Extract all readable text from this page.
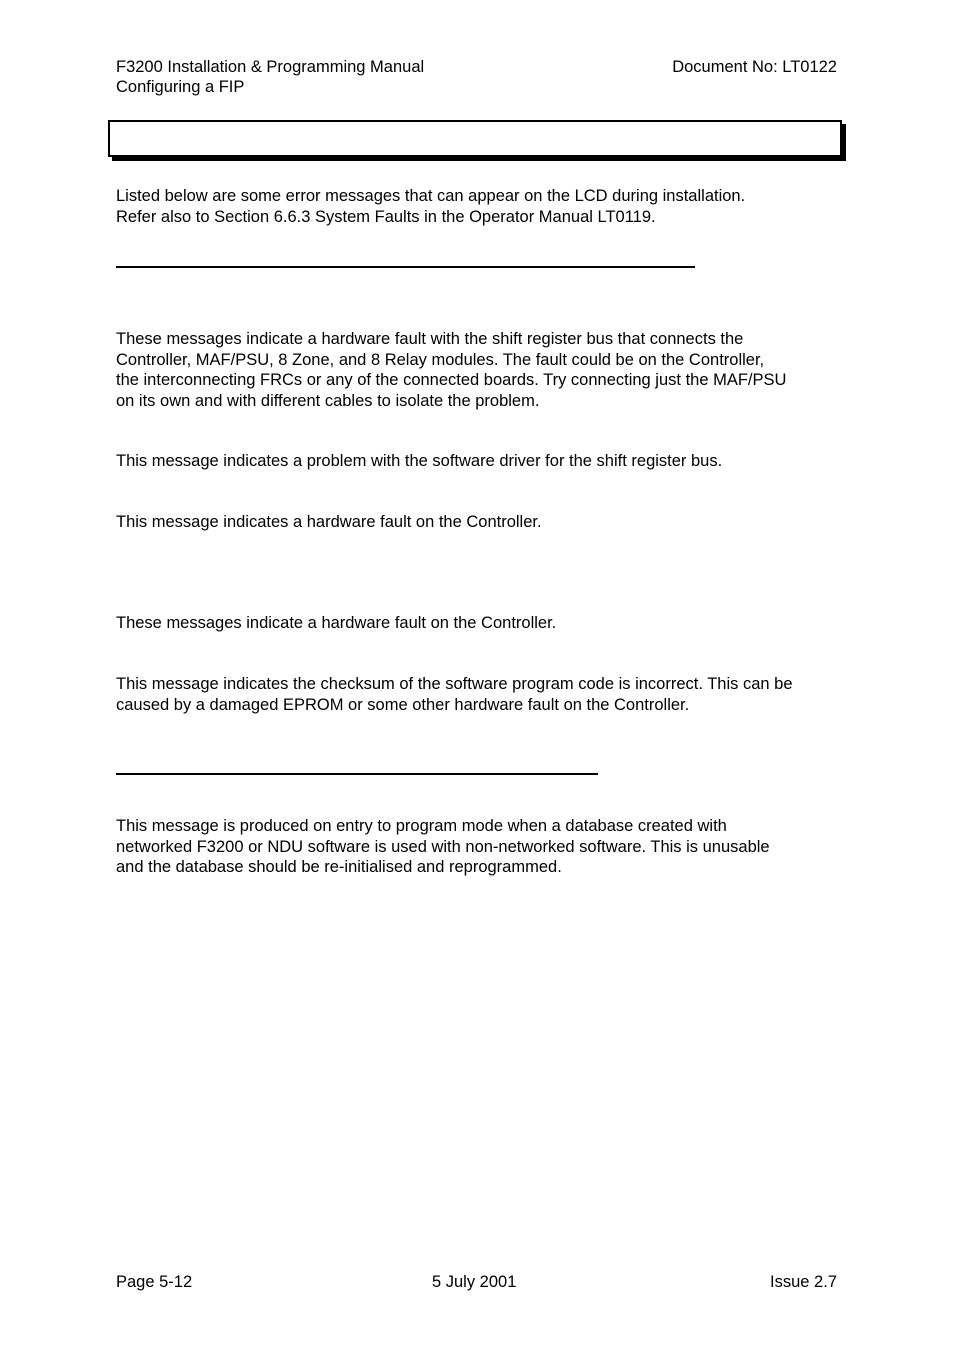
F3200 Installation & Programming Manual
Configuring a FIP
Document No: LT0122

Listed below are some error messages that can appear on the LCD during installation.

Refer also to Section 6.6.3 System Faults in the Operator Manual LT0119.

These messages indicate a hardware fault with the shift register bus that connects the

Controller, MAF/PSU, 8 Zone, and 8 Relay modules. The fault could be on the Controller,

the interconnecting FRCs or any of the connected boards. Try connecting just the MAF/PSU

on its own and with different cables to isolate the problem.

This message indicates a problem with the software driver for the shift register bus.

This message indicates a hardware fault on the Controller.

These messages indicate a hardware fault on the Controller.

This message indicates the checksum of the software program code is incorrect. This can be

caused by a damaged EPROM or some other hardware fault on the Controller.

This message is produced on entry to program mode when a database created with

networked F3200 or NDU software is used with non-networked software. This is unusable

and the database should be re-initialised and reprogrammed.

Page 5-12	5 July 2001	Issue 2.7
